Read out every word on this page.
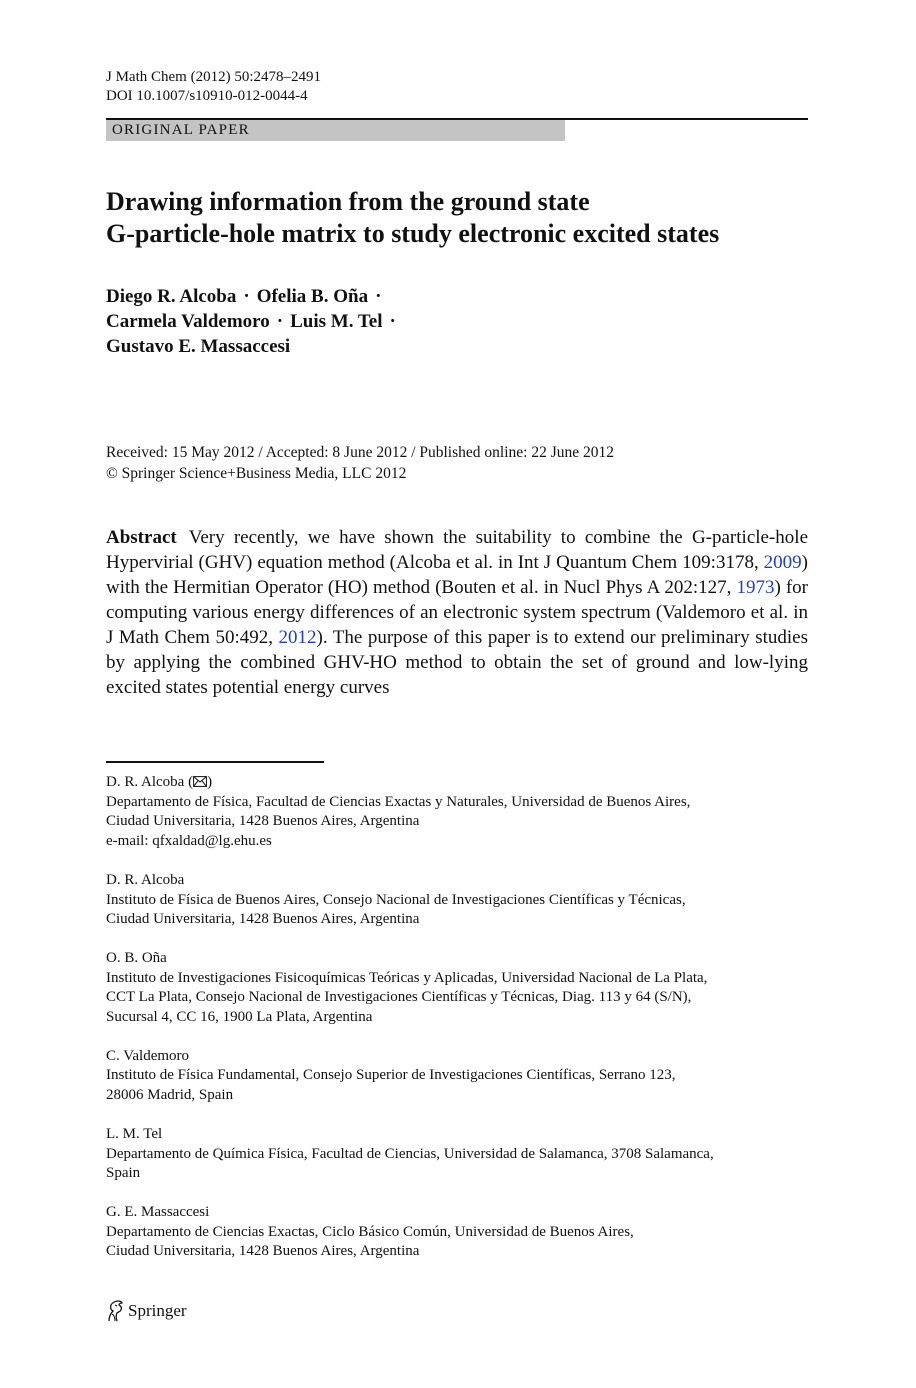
J Math Chem (2012) 50:2478–2491
DOI 10.1007/s10910-012-0044-4
ORIGINAL PAPER
Drawing information from the ground state
G-particle-hole matrix to study electronic excited states
Diego R. Alcoba · Ofelia B. Oña ·
Carmela Valdemoro · Luis M. Tel ·
Gustavo E. Massaccesi
Received: 15 May 2012 / Accepted: 8 June 2012 / Published online: 22 June 2012
© Springer Science+Business Media, LLC 2012
Abstract Very recently, we have shown the suitability to combine the G-particle-hole Hypervirial (GHV) equation method (Alcoba et al. in Int J Quantum Chem 109:3178, 2009) with the Hermitian Operator (HO) method (Bouten et al. in Nucl Phys A 202:127, 1973) for computing various energy differences of an electronic system spectrum (Valdemoro et al. in J Math Chem 50:492, 2012). The purpose of this paper is to extend our preliminary studies by applying the combined GHV-HO method to obtain the set of ground and low-lying excited states potential energy curves
D. R. Alcoba ( )
Departamento de Física, Facultad de Ciencias Exactas y Naturales, Universidad de Buenos Aires,
Ciudad Universitaria, 1428 Buenos Aires, Argentina
e-mail: qfxaldad@lg.ehu.es
D. R. Alcoba
Instituto de Física de Buenos Aires, Consejo Nacional de Investigaciones Científicas y Técnicas,
Ciudad Universitaria, 1428 Buenos Aires, Argentina
O. B. Oña
Instituto de Investigaciones Fisicoquímicas Teóricas y Aplicadas, Universidad Nacional de La Plata,
CCT La Plata, Consejo Nacional de Investigaciones Científicas y Técnicas, Diag. 113 y 64 (S/N),
Sucursal 4, CC 16, 1900 La Plata, Argentina
C. Valdemoro
Instituto de Física Fundamental, Consejo Superior de Investigaciones Científicas, Serrano 123,
28006 Madrid, Spain
L. M. Tel
Departamento de Química Física, Facultad de Ciencias, Universidad de Salamanca, 3708 Salamanca,
Spain
G. E. Massaccesi
Departamento de Ciencias Exactas, Ciclo Básico Común, Universidad de Buenos Aires,
Ciudad Universitaria, 1428 Buenos Aires, Argentina
Springer
